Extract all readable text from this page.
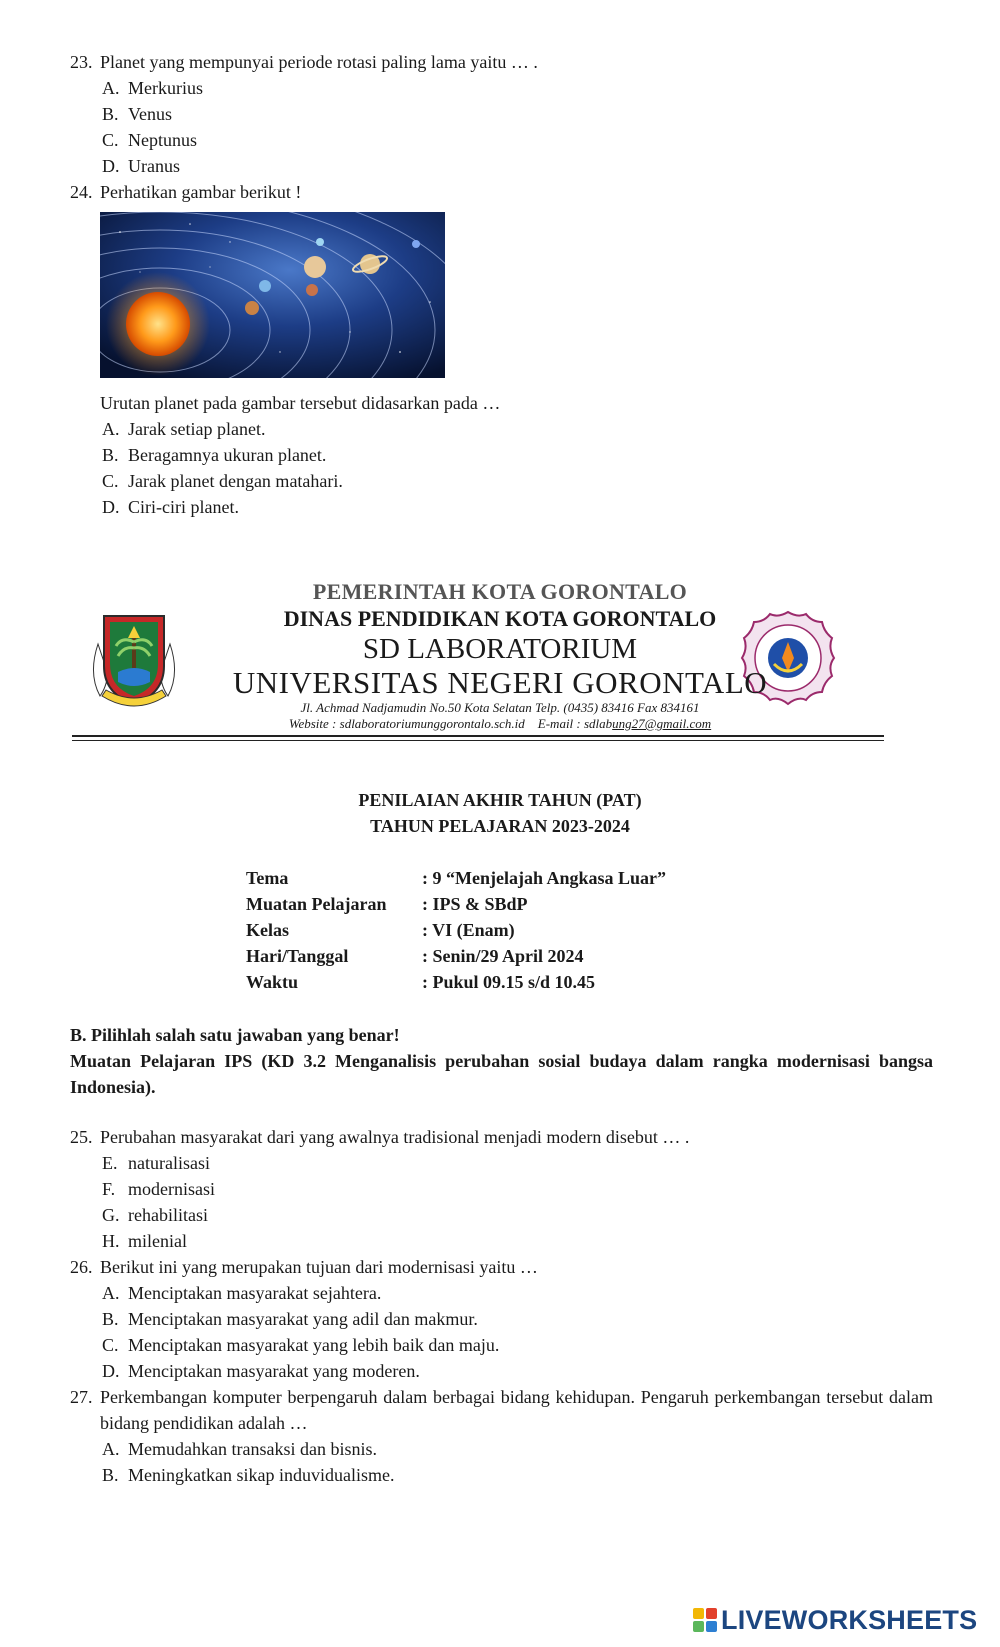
23. Planet yang mempunyai periode rotasi paling lama yaitu … .
A. Merkurius
B. Venus
C. Neptunus
D. Uranus
24. Perhatikan gambar berikut !
Urutan planet pada gambar tersebut didasarkan pada …
A. Jarak setiap planet.
B. Beragamnya ukuran planet.
C. Jarak planet dengan matahari.
D. Ciri-ciri planet.
PEMERINTAH KOTA GORONTALO
DINAS PENDIDIKAN KOTA GORONTALO
SD LABORATORIUM
UNIVERSITAS NEGERI GORONTALO
Jl. Achmad Nadjamudin No.50 Kota Selatan Telp. (0435) 83416 Fax 834161
Website : sdlaboratoriumunggorontalo.sch.id E-mail : sdlabung27@gmail.com
PENILAIAN AKHIR TAHUN (PAT)
TAHUN PELAJARAN 2023-2024
Tema	: 9 “Menjelajah Angkasa Luar”
Muatan Pelajaran	: IPS & SBdP
Kelas	: VI (Enam)
Hari/Tanggal	: Senin/29 April 2024
Waktu	: Pukul 09.15 s/d 10.45
B. Pilihlah salah satu jawaban yang benar!
Muatan Pelajaran IPS (KD 3.2 Menganalisis perubahan sosial budaya dalam rangka modernisasi bangsa Indonesia).
25. Perubahan masyarakat dari yang awalnya tradisional menjadi modern disebut … .
E. naturalisasi
F. modernisasi
G. rehabilitasi
H. milenial
26. Berikut ini yang merupakan tujuan dari modernisasi yaitu …
A. Menciptakan masyarakat sejahtera.
B. Menciptakan masyarakat yang adil dan makmur.
C. Menciptakan masyarakat yang lebih baik dan maju.
D. Menciptakan masyarakat yang moderen.
27. Perkembangan komputer berpengaruh dalam berbagai bidang kehidupan. Pengaruh perkembangan tersebut dalam bidang pendidikan adalah …
A. Memudahkan transaksi dan bisnis.
B. Meningkatkan sikap induvidualisme.
LIVEWORKSHEETS
